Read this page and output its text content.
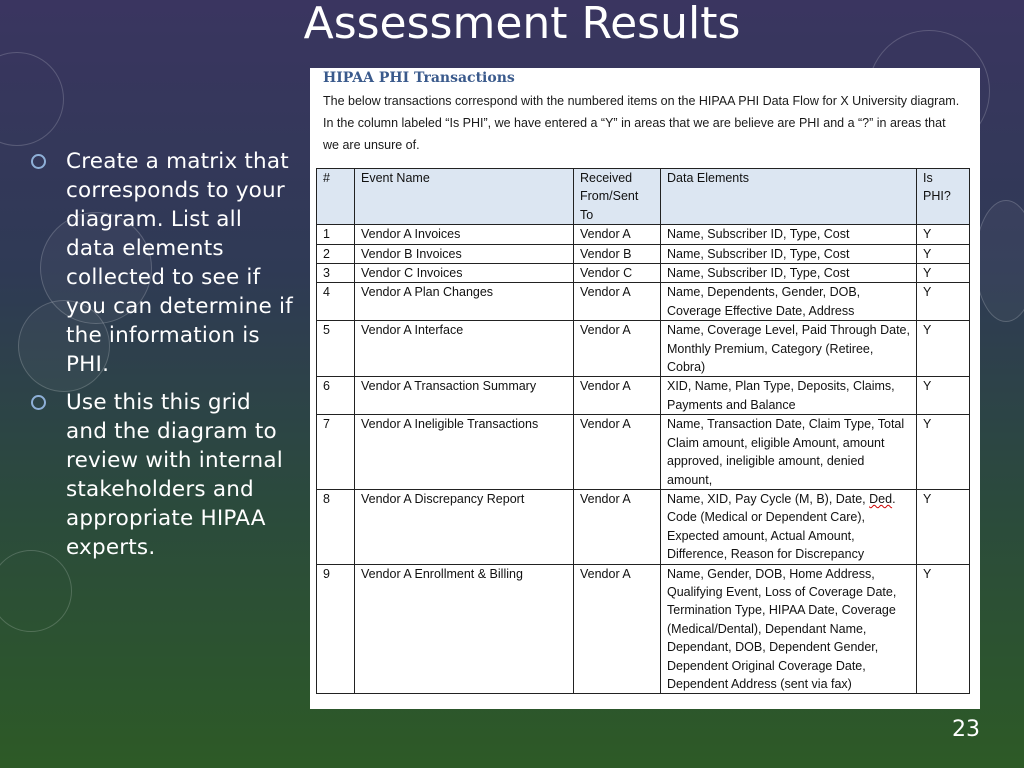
Assessment Results
Create a matrix that corresponds to your diagram. List all data elements collected to see if you can determine if the information is PHI.
Use this this grid and the diagram to review with internal stakeholders and appropriate HIPAA experts.
HIPAA PHI Transactions
The below transactions correspond with the numbered items on the HIPAA PHI Data Flow for X University diagram. In the column labeled “Is PHI”, we have entered a “Y” in areas that we are believe are PHI and a “?” in areas that we are unsure of.
#	Event Name	Received From/Sent To	Data Elements	Is PHI?
1	Vendor A Invoices	Vendor A	Name, Subscriber ID, Type, Cost	Y
2	Vendor B Invoices	Vendor B	Name, Subscriber ID, Type, Cost	Y
3	Vendor C Invoices	Vendor C	Name, Subscriber ID, Type, Cost	Y
4	Vendor A Plan Changes	Vendor A	Name, Dependents, Gender, DOB, Coverage Effective Date, Address	Y
5	Vendor A Interface	Vendor A	Name, Coverage Level, Paid Through Date, Monthly Premium, Category (Retiree, Cobra)	Y
6	Vendor A Transaction Summary	Vendor A	XID, Name, Plan Type, Deposits, Claims, Payments and Balance	Y
7	Vendor A Ineligible Transactions	Vendor A	Name, Transaction Date, Claim Type, Total Claim amount, eligible Amount, amount approved, ineligible amount, denied amount,	Y
8	Vendor A Discrepancy Report	Vendor A	Name, XID, Pay Cycle (M, B), Date, Ded. Code (Medical or Dependent Care), Expected amount, Actual Amount, Difference, Reason for Discrepancy	Y
9	Vendor A Enrollment & Billing	Vendor A	Name, Gender, DOB, Home Address, Qualifying Event, Loss of Coverage Date, Termination Type, HIPAA Date, Coverage (Medical/Dental), Dependant Name, Dependant, DOB, Dependent Gender, Dependent Original Coverage Date, Dependent Address (sent via fax)	Y
23
